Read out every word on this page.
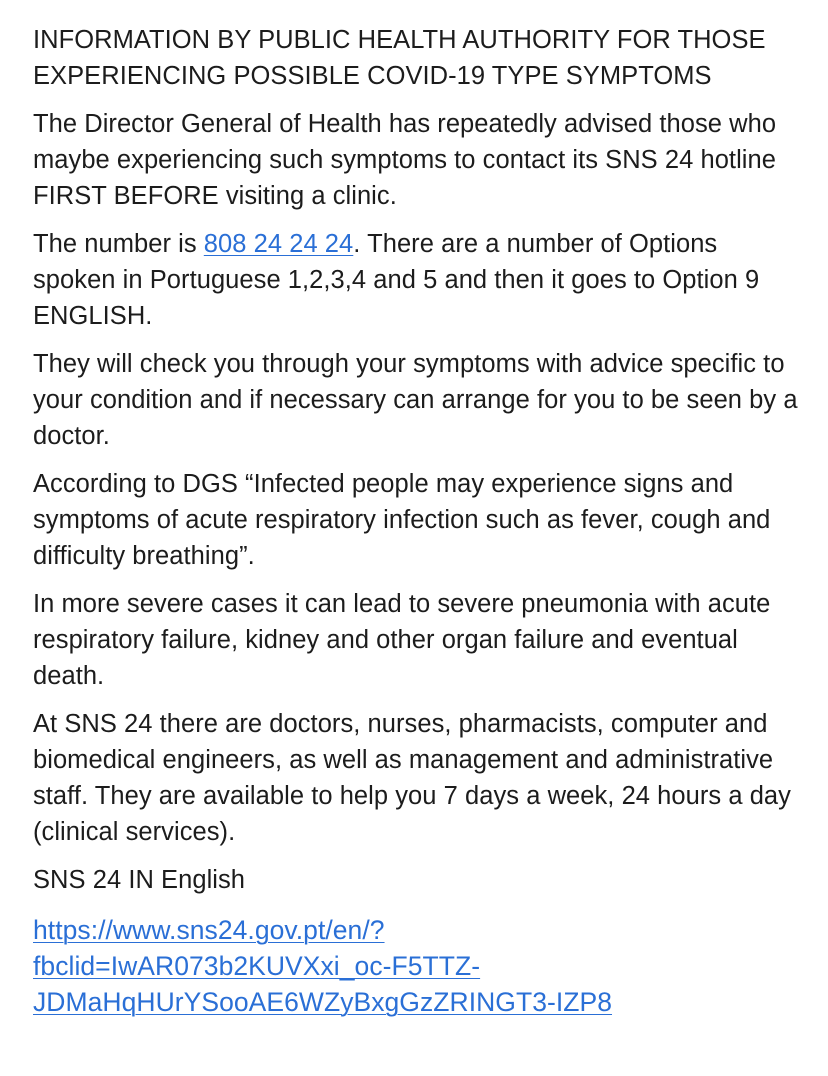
INFORMATION BY PUBLIC HEALTH AUTHORITY FOR THOSE EXPERIENCING POSSIBLE COVID-19 TYPE SYMPTOMS

The Director General of Health has repeatedly advised those who maybe experiencing such symptoms to contact its SNS 24 hotline FIRST BEFORE visiting a clinic.

The number is 808 24 24 24. There are a number of Options spoken in Portuguese 1,2,3,4 and 5 and then it goes to Option 9 ENGLISH.

They will check you through your symptoms with advice specific to your condition and if necessary can arrange for you to be seen by a doctor.

According to DGS “Infected people may experience signs and symptoms of acute respiratory infection such as fever, cough and difficulty breathing”.

In more severe cases it can lead to severe pneumonia with acute respiratory failure, kidney and other organ failure and eventual death.

At SNS 24 there are doctors, nurses, pharmacists, computer and biomedical engineers, as well as management and administrative staff. They are available to help you 7 days a week, 24 hours a day (clinical services).

SNS 24 IN English

https://www.sns24.gov.pt/en/?
fbclid=IwAR073b2KUVXxi_oc-F5TTZ-
JDMaHqHUrYSooAE6WZyBxgGzZRINGT3-IZP8
